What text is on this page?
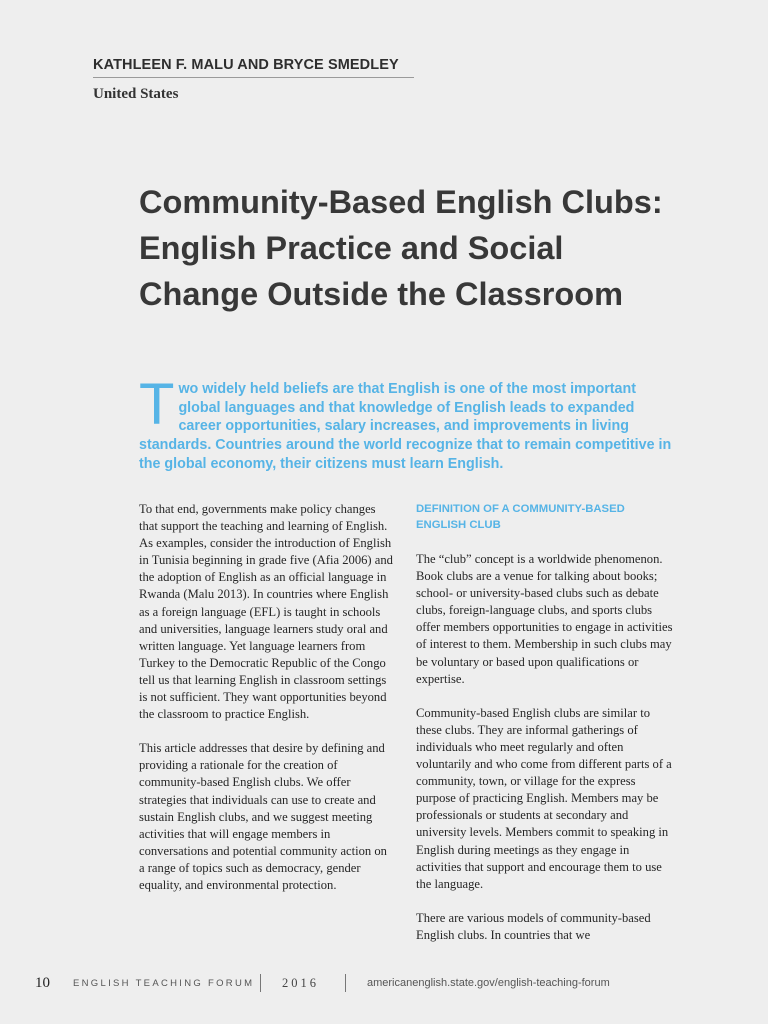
KATHLEEN F. MALU AND BRYCE SMEDLEY
United States
Community-Based English Clubs: English Practice and Social Change Outside the Classroom
Two widely held beliefs are that English is one of the most important global languages and that knowledge of English leads to expanded career opportunities, salary increases, and improvements in living standards. Countries around the world recognize that to remain competitive in the global economy, their citizens must learn English.

To that end, governments make policy changes that support the teaching and learning of English. As examples, consider the introduction of English in Tunisia beginning in grade five (Afia 2006) and the adoption of English as an official language in Rwanda (Malu 2013). In countries where English as a foreign language (EFL) is taught in schools and universities, language learners study oral and written language. Yet language learners from Turkey to the Democratic Republic of the Congo tell us that learning English in classroom settings is not sufficient. They want opportunities beyond the classroom to practice English.

This article addresses that desire by defining and providing a rationale for the creation of community-based English clubs. We offer strategies that individuals can use to create and sustain English clubs, and we suggest meeting activities that will engage members in conversations and potential community action on a range of topics such as democracy, gender equality, and environmental protection.

DEFINITION OF A COMMUNITY-BASED ENGLISH CLUB

The “club” concept is a worldwide phenomenon. Book clubs are a venue for talking about books; school- or university-based clubs such as debate clubs, foreign-language clubs, and sports clubs offer members opportunities to engage in activities of interest to them. Membership in such clubs may be voluntary or based upon qualifications or expertise.

Community-based English clubs are similar to these clubs. They are informal gatherings of individuals who meet regularly and often voluntarily and who come from different parts of a community, town, or village for the express purpose of practicing English. Members may be professionals or students at secondary and university levels. Members commit to speaking in English during meetings as they engage in activities that support and encourage them to use the language.

There are various models of community-based English clubs. In countries that we

10 ENGLISH TEACHING FORUM 2016	americanenglish.state.gov/english-teaching-forum
